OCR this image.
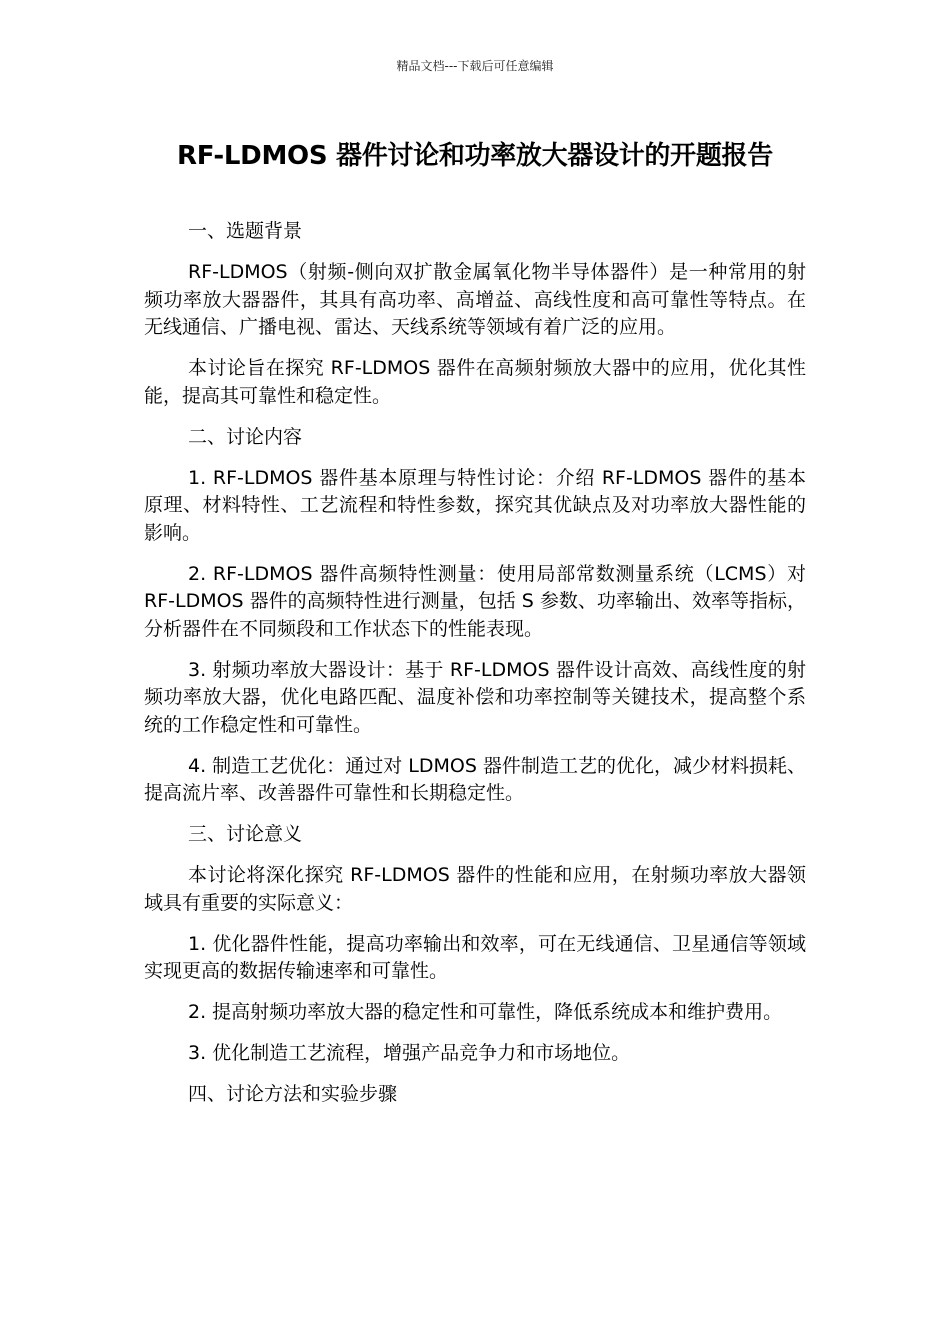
精品文档---下载后可任意编辑
RF-LDMOS 器件讨论和功率放大器设计的开题报告

一、选题背景

RF-LDMOS（射频-侧向双扩散金属氧化物半导体器件）是一种常用的射频功率放大器器件，其具有高功率、高增益、高线性度和高可靠性等特点。在无线通信、广播电视、雷达、天线系统等领域有着广泛的应用。

本讨论旨在探究 RF-LDMOS 器件在高频射频放大器中的应用，优化其性能，提高其可靠性和稳定性。

二、讨论内容

1. RF-LDMOS 器件基本原理与特性讨论：介绍 RF-LDMOS 器件的基本原理、材料特性、工艺流程和特性参数，探究其优缺点及对功率放大器性能的影响。

2. RF-LDMOS 器件高频特性测量：使用局部常数测量系统（LCMS）对 RF-LDMOS 器件的高频特性进行测量，包括 S 参数、功率输出、效率等指标，分析器件在不同频段和工作状态下的性能表现。

3. 射频功率放大器设计：基于 RF-LDMOS 器件设计高效、高线性度的射频功率放大器，优化电路匹配、温度补偿和功率控制等关键技术，提高整个系统的工作稳定性和可靠性。

4. 制造工艺优化：通过对 LDMOS 器件制造工艺的优化，减少材料损耗、提高流片率、改善器件可靠性和长期稳定性。

三、讨论意义

本讨论将深化探究 RF-LDMOS 器件的性能和应用，在射频功率放大器领域具有重要的实际意义：

1. 优化器件性能，提高功率输出和效率，可在无线通信、卫星通信等领域实现更高的数据传输速率和可靠性。

2. 提高射频功率放大器的稳定性和可靠性，降低系统成本和维护费用。

3. 优化制造工艺流程，增强产品竞争力和市场地位。

四、讨论方法和实验步骤
